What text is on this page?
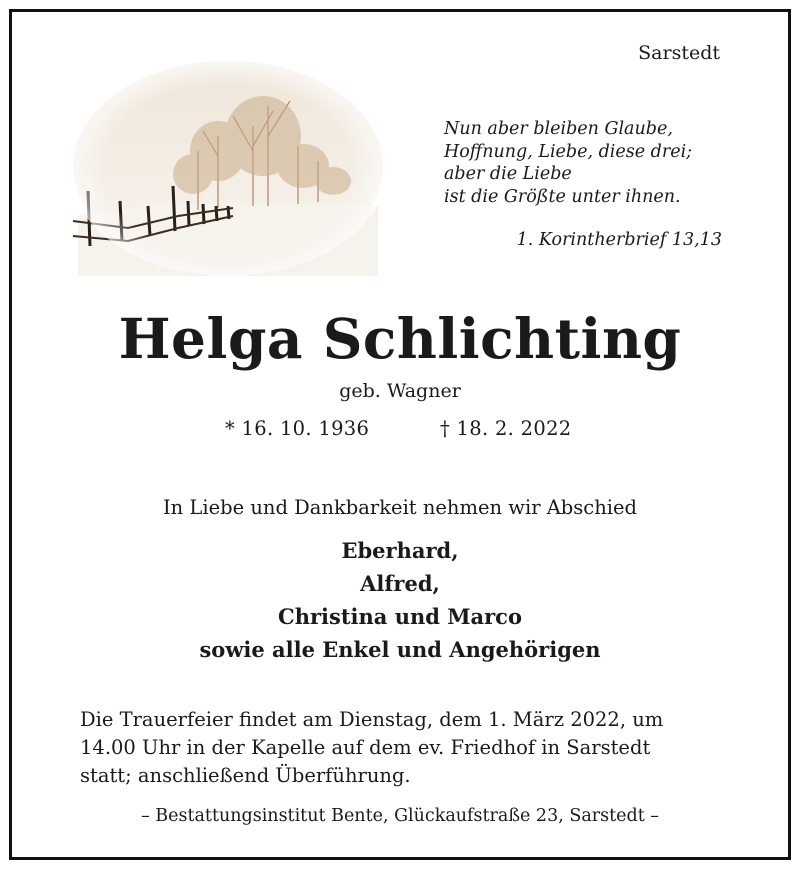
Sarstedt
Nun aber bleiben Glaube,
Hoffnung, Liebe, diese drei;
aber die Liebe
ist die Größte unter ihnen.
1. Korintherbrief 13,13
Helga Schlichting
geb. Wagner
* 16. 10. 1936	† 18. 2. 2022
In Liebe und Dankbarkeit nehmen wir Abschied
Eberhard,
Alfred,
Christina und Marco
sowie alle Enkel und Angehörigen
Die Trauerfeier findet am Dienstag, dem 1. März 2022, um
14.00 Uhr in der Kapelle auf dem ev. Friedhof in Sarstedt
statt; anschließend Überführung.
– Bestattungsinstitut Bente, Glückaufstraße 23, Sarstedt –
